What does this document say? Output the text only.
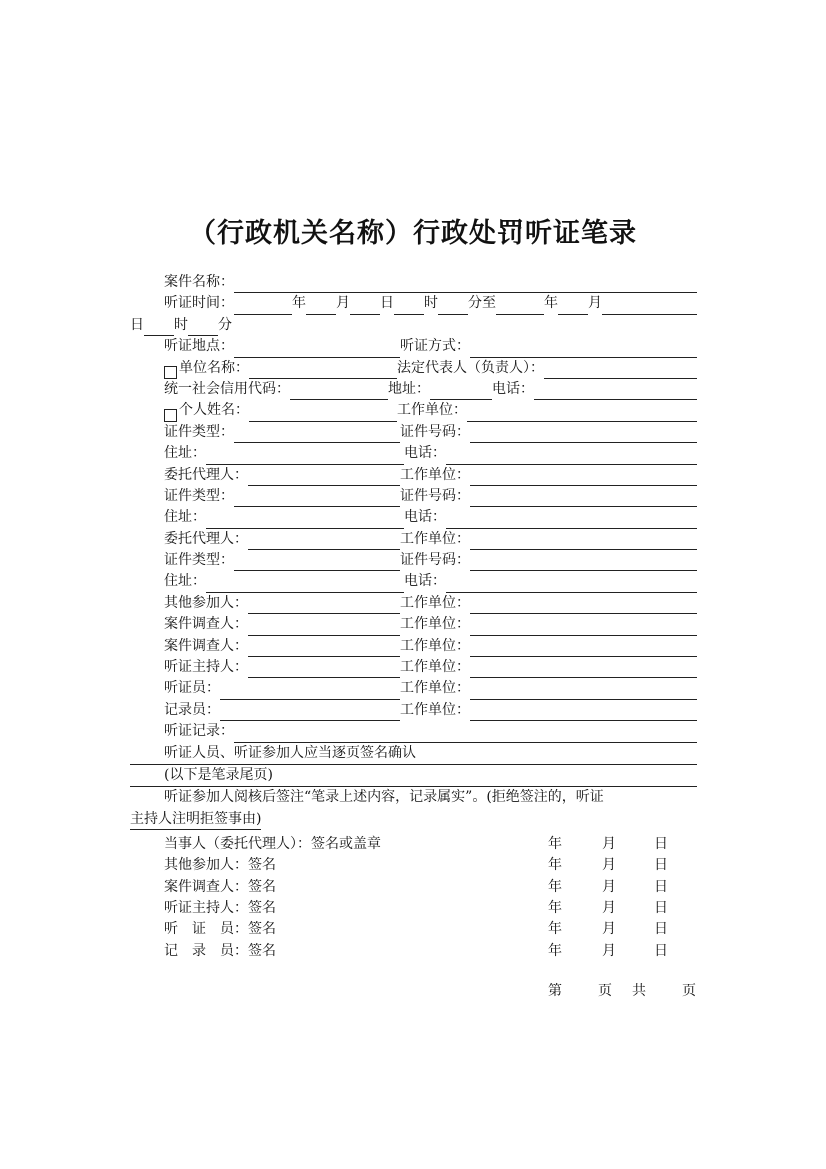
（行政机关名称）行政处罚听证笔录
案件名称：
听证时间：	年 月 日 时 分至	年 月
日 时 分
听证地点：	听证方式：
单位名称：	法定代表人（负责人）：
统一社会信用代码：	地址：	电话：
个人姓名：	工作单位：
证件类型：	证件号码：
住址：	电话：
委托代理人：	工作单位：
证件类型：	证件号码：
住址：	电话：
委托代理人：	工作单位：
证件类型：	证件号码：
住址：	电话：
其他参加人：	工作单位：
案件调查人：	工作单位：
案件调查人：	工作单位：
听证主持人：	工作单位：
听证员：	工作单位：
记录员：	工作单位：
听证记录：
听证人员、听证参加人应当逐页签名确认
(以下是笔录尾页)
听证参加人阅核后签注“笔录上述内容，记录属实”。(拒绝签注的，听证
主持人注明拒签事由)
当事人（委托代理人）：签名或盖章	年	月	日
其他参加人：签名	年	月	日
案件调查人：签名	年	月	日
听证主持人：签名	年	月	日
听　证　员：签名	年	月	日
记　录　员：签名	年	月	日
第	页 共	页
